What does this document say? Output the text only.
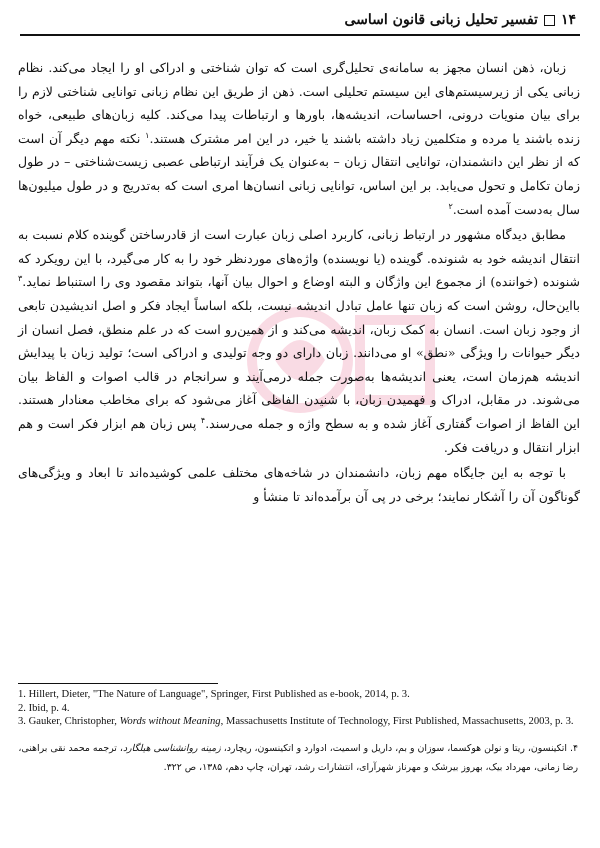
۱۴
تفسیر تحلیل زبانی قانون اساسی

زبان، ذهن انسان مجهز به سامانه‌ی تحلیل‌گری است که توان شناختی و ادراکی او را ایجاد می‌کند. نظام زبانی یکی از زیرسیستم‌های این سیستم تحلیلی است. ذهن از طریق این نظام زبانی توانایی شناختی لازم را برای بیان منویات درونی، احساسات، اندیشه‌ها، باورها و ارتباطات پیدا می‌کند. کلیه زبان‌های طبیعی، خواه زنده باشند یا مرده و متکلمین زیاد داشته باشند یا خیر، در این امر مشترک هستند.$^۱$ نکته مهم دیگر آن است که از نظر این دانشمندان، توانایی انتقال زبان – به‌عنوان یک فرآیند ارتباطی عصبی زیست‌شناختی – در طول زمان تکامل و تحول می‌یابد. بر این اساس، توانایی زبانی انسان‌ها امری است که به‌تدریج و در طول میلیون‌ها سال به‌دست آمده است.$^۲$

مطابق دیدگاه مشهور در ارتباط زبانی، کاربرد اصلی زبان عبارت است از قادرساختن گوینده کلام نسبت به انتقال اندیشه خود به شنونده. گوینده (یا نویسنده) واژه‌های موردنظر خود را به کار می‌گیرد، با این رویکرد که شنونده (خواننده) از مجموع این واژگان و البته اوضاع و احوال بیان آنها، بتواند مقصود وی را استنباط نماید.$^۳$ بااین‌حال، روشن است که زبان تنها عامل تبادل اندیشه نیست، بلکه اساساً ایجاد فکر و اصل اندیشیدن تابعی از وجود زبان است. انسان به کمک زبان، اندیشه می‌کند و از همین‌رو است که در علم منطق، فصل انسان از دیگر حیوانات را ویژگی «نطق» او می‌دانند. زبان دارای دو وجه تولیدی و ادراکی است؛ تولید زبان با پیدایش اندیشه هم‌زمان است، یعنی اندیشه‌ها به‌صورت جمله درمی‌آیند و سرانجام در قالب اصوات و الفاظ بیان می‌شوند. در مقابل، ادراک و فهمیدن زبان، با شنیدن الفاظی آغاز می‌شود که برای مخاطب معنادار هستند. این الفاظ از اصوات گفتاری آغاز شده و به سطح واژه و جمله می‌رسند.$^۴$ پس زبان هم ابزار فکر است و هم ابزار انتقال و دریافت فکر.

با توجه به این جایگاه مهم زبان، دانشمندان در شاخه‌های مختلف علمی کوشیده‌اند تا ابعاد و ویژگی‌های گوناگون آن را آشکار نمایند؛ برخی در پی آن برآمده‌اند تا منشأ و

1. Hillert, Dieter, "The Nature of Language", Springer, First Published as e-book, 2014, p. 3.
2. Ibid, p. 4.
3. Gauker, Christopher, Words without Meaning, Massachusetts Institute of Technology, First Published, Massachusetts, 2003, p. 3.
۴. اتکینسون، ریتا و نولن هوکسما، سوزان و بم، داریل و اسمیت، ادوارد و اتکینسون، ریچارد، زمینه روانشناسی هیلگارد، ترجمه محمد نقی براهنی، رضا زمانی، مهرداد بیک، بهروز بیرشک و مهرناز شهرآرای، انتشارات رشد، تهران، چاپ دهم، ۱۳۸۵، ص ۳۲۲.
